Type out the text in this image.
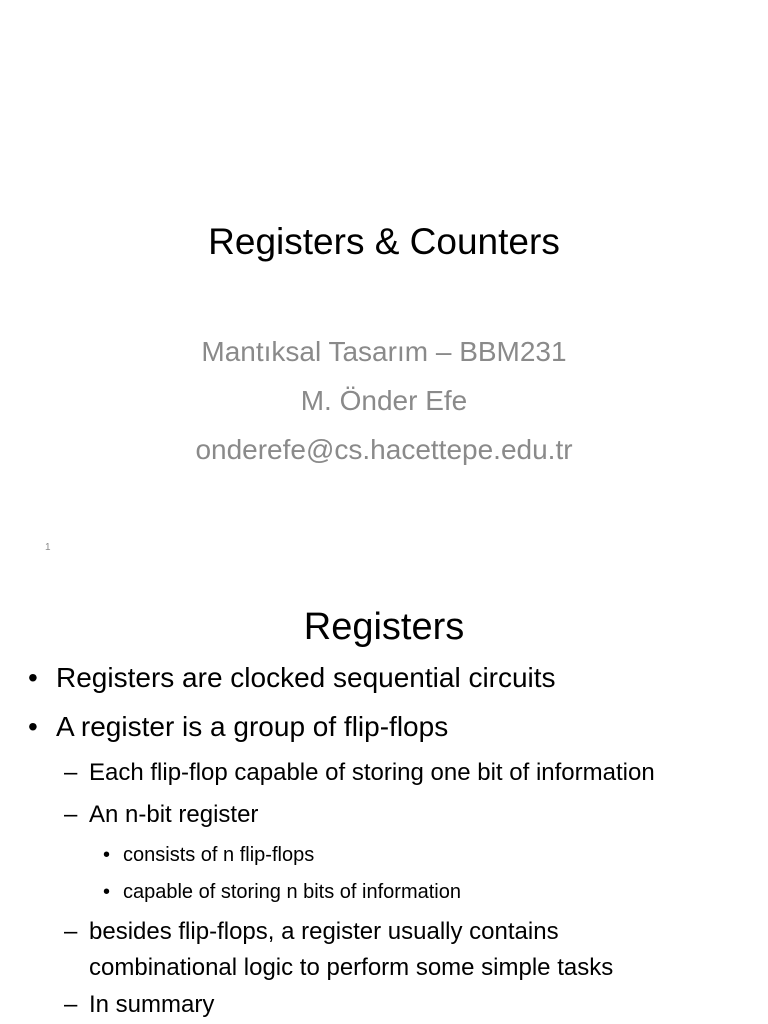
Registers & Counters
Mantıksal Tasarım – BBM231
M. Önder Efe
onderefe@cs.hacettepe.edu.tr
1
Registers
• Registers are clocked sequential circuits
• A register is a group of flip-flops
– Each flip-flop capable of storing one bit of information
– An n-bit register
• consists of n flip-flops
• capable of storing n bits of information
– besides flip-flops, a register usually contains
combinational logic to perform some simple tasks
– In summary
